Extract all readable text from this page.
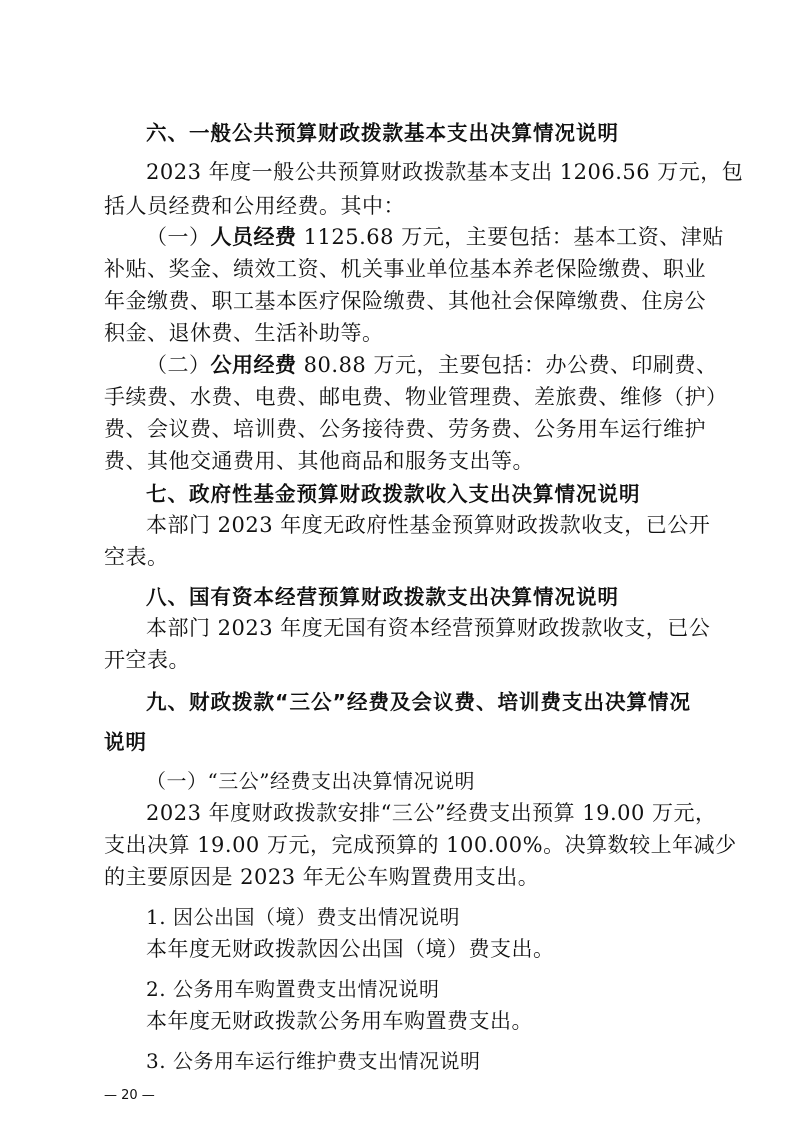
六、一般公共预算财政拨款基本支出决算情况说明
2023 年度一般公共预算财政拨款基本支出 1206.56 万元，包
括人员经费和公用经费。其中：
（一）人员经费 1125.68 万元，主要包括：基本工资、津贴
补贴、奖金、绩效工资、机关事业单位基本养老保险缴费、职业
年金缴费、职工基本医疗保险缴费、其他社会保障缴费、住房公
积金、退休费、生活补助等。
（二）公用经费 80.88 万元，主要包括：办公费、印刷费、
手续费、水费、电费、邮电费、物业管理费、差旅费、维修（护）
费、会议费、培训费、公务接待费、劳务费、公务用车运行维护
费、其他交通费用、其他商品和服务支出等。
七、政府性基金预算财政拨款收入支出决算情况说明
本部门 2023 年度无政府性基金预算财政拨款收支，已公开
空表。
八、国有资本经营预算财政拨款支出决算情况说明
本部门 2023 年度无国有资本经营预算财政拨款收支，已公
开空表。
九、财政拨款“三公”经费及会议费、培训费支出决算情况
说明
（一）“三公”经费支出决算情况说明
2023 年度财政拨款安排“三公”经费支出预算 19.00 万元，
支出决算 19.00 万元，完成预算的 100.00%。决算数较上年减少
的主要原因是 2023 年无公车购置费用支出。
1. 因公出国（境）费支出情况说明
本年度无财政拨款因公出国（境）费支出。
2. 公务用车购置费支出情况说明
本年度无财政拨款公务用车购置费支出。
3. 公务用车运行维护费支出情况说明
— 20 —
